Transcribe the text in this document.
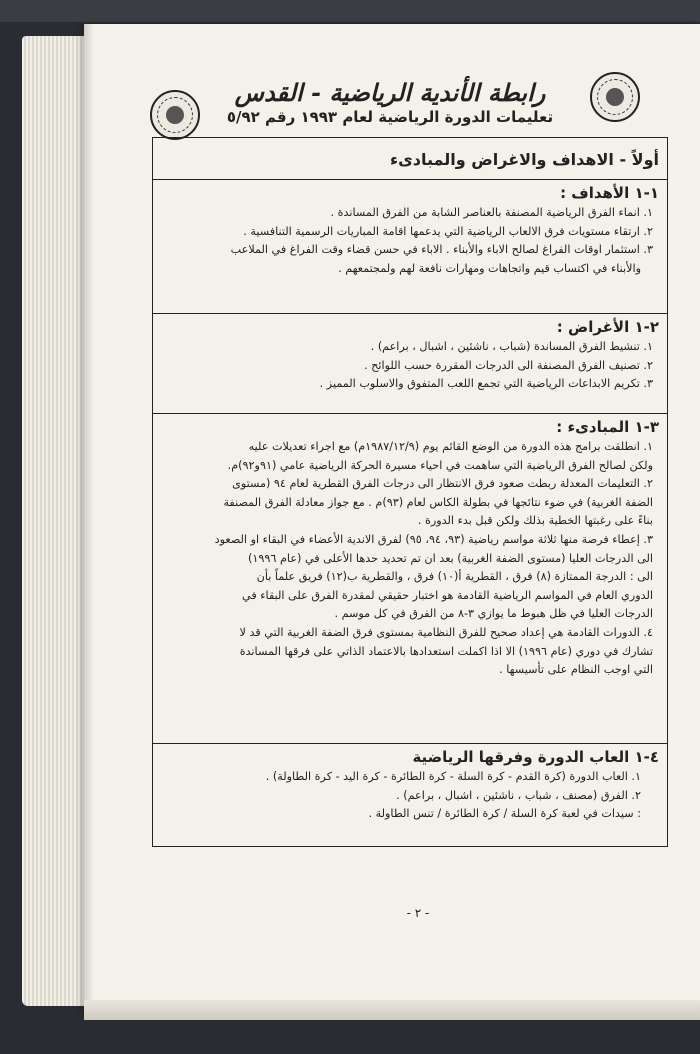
رابطة الأندية الرياضية - القدس
تعليمات الدورة الرياضية لعام ١٩٩٣ رقم ٥/٩٢
أولاً - الاهداف والاغراض والمبادىء
١-١ الأهداف :
١. انماء الفرق الرياضية المصنفة بالعناصر الشابة من الفرق المساندة .
٢. ارتقاء مستويات فرق الالعاب الرياضية التي يدعمها اقامة المباريات الرسمية التنافسية .
٣. استثمار اوقات الفراغ لصالح الاباء والأبناء . الاباء في حسن قضاء وقت الفراغ في الملاعب
والأبناء في اكتساب قيم واتجاهات ومهارات نافعة لهم ولمجتمعهم .
٢-١ الأغراض :
١. تنشيط الفرق المساندة (شباب ، ناشئين ، اشبال ، براعم) .
٢. تصنيف الفرق المصنفة الى الدرجات المقررة حسب اللوائح .
٣. تكريم الابداعات الرياضية التي تجمع اللعب المتفوق والاسلوب المميز .
٣-١ المبادىء :
١. انطلقت برامج هذه الدورة من الوضع القائم يوم (١٩٨٧/١٢/٩م) مع اجراء تعديلات عليه
ولكن لصالح الفرق الرياضية التي ساهمت في احياء مسيرة الحركة الرياضية عامي (٩١و٩٢)م.
٢. التعليمات المعدلة ربطت صعود فرق الانتظار الى درجات الفرق القطرية لعام ٩٤ (مستوى
الضفة الغربية) في ضوء نتائجها في بطولة الكاس لعام (٩٣)م . مع جواز معادلة الفرق المصنفة
بناءً على رغبتها الخطية بذلك ولكن قبل بدء الدورة .
٣. إعطاء فرصة منها ثلاثة مواسم رياضية (٩٣، ٩٤، ٩٥) لفرق الاندية الأعضاء في البقاء او الصعود
الى الدرجات العليا (مستوى الضفة الغربية) بعد ان تم تحديد حدها الأعلى في (عام ١٩٩٦)
الى : الدرجة الممتازة (٨) فرق ، القطرية أ(١٠) فرق ، والقطرية ب(١٢) فريق علماً بأن
الدوري العام في المواسم الرياضية القادمة هو اختبار حقيقي لمقدرة الفرق على البقاء في
الدرجات العليا في ظل هبوط ما يوازي ٣-٨ من الفرق في كل موسم .
٤. الدورات القادمة هي إعداد صحيح للفرق النظامية بمستوى فرق الضفة الغربية التي قد لا
تشارك في دوري (عام ١٩٩٦) الا اذا اكملت استعدادها بالاعتماد الذاتي على فرقها المساندة
التي اوجب النظام على تأسيسها .
٤-١ العاب الدورة وفرقها الرياضية
١. العاب الدورة (كرة القدم - كرة السلة - كرة الطائرة - كرة اليد - كرة الطاولة) .
٢. الفرق (مصنف ، شباب ، ناشئين ، اشبال ، براعم) .
: سيدات في لعبة كرة السلة / كرة الطائرة / تنس الطاولة .
- ٢ -
